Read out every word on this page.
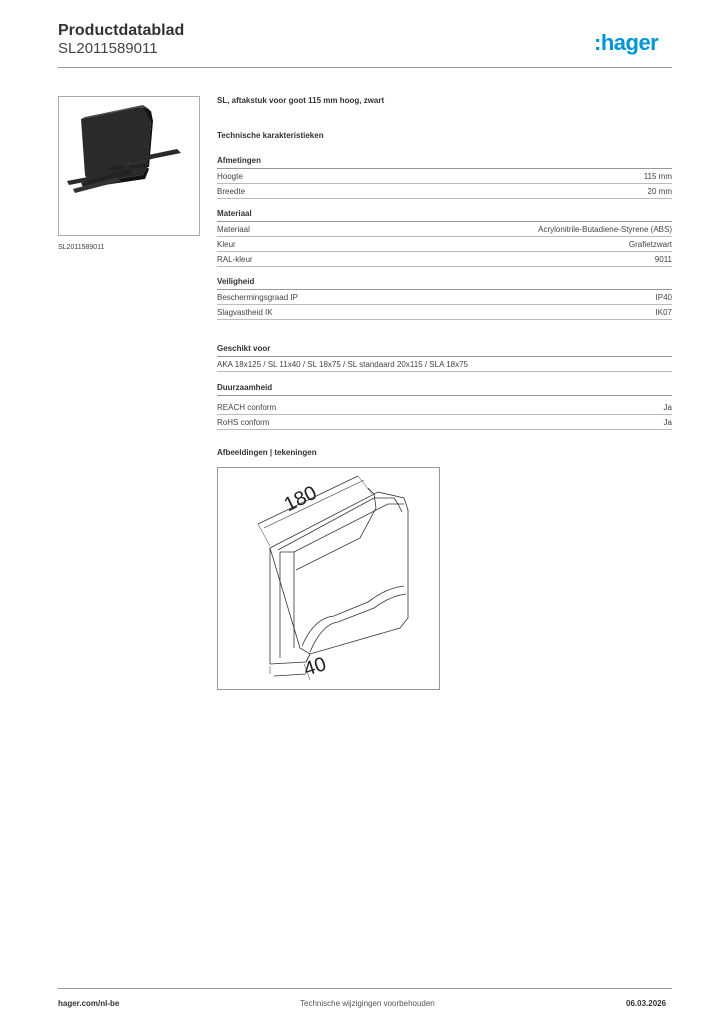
Productdatablad
SL2011589011	:hager
SL2011589011
SL, aftakstuk voor goot 115 mm hoog, zwart
Technische karakteristieken
Afmetingen
Hoogte	115 mm
Breedte	20 mm
Materiaal
Materiaal	Acrylonitrile-Butadiene-Styrene (ABS)
Kleur	Grafietzwart
RAL-kleur	9011
Veiligheid
Beschermingsgraad IP	IP40
Slagvastheid IK	IK07
Geschikt voor
AKA 18x125 / SL 11x40 / SL 18x75 / SL standaard 20x115 / SLA 18x75
Duurzaamheid
REACH conform	Ja
RoHS conform	Ja
Afbeeldingen | tekeningen
180
40
hager.com/nl-be	Technische wijzigingen voorbehouden	06.03.2026
